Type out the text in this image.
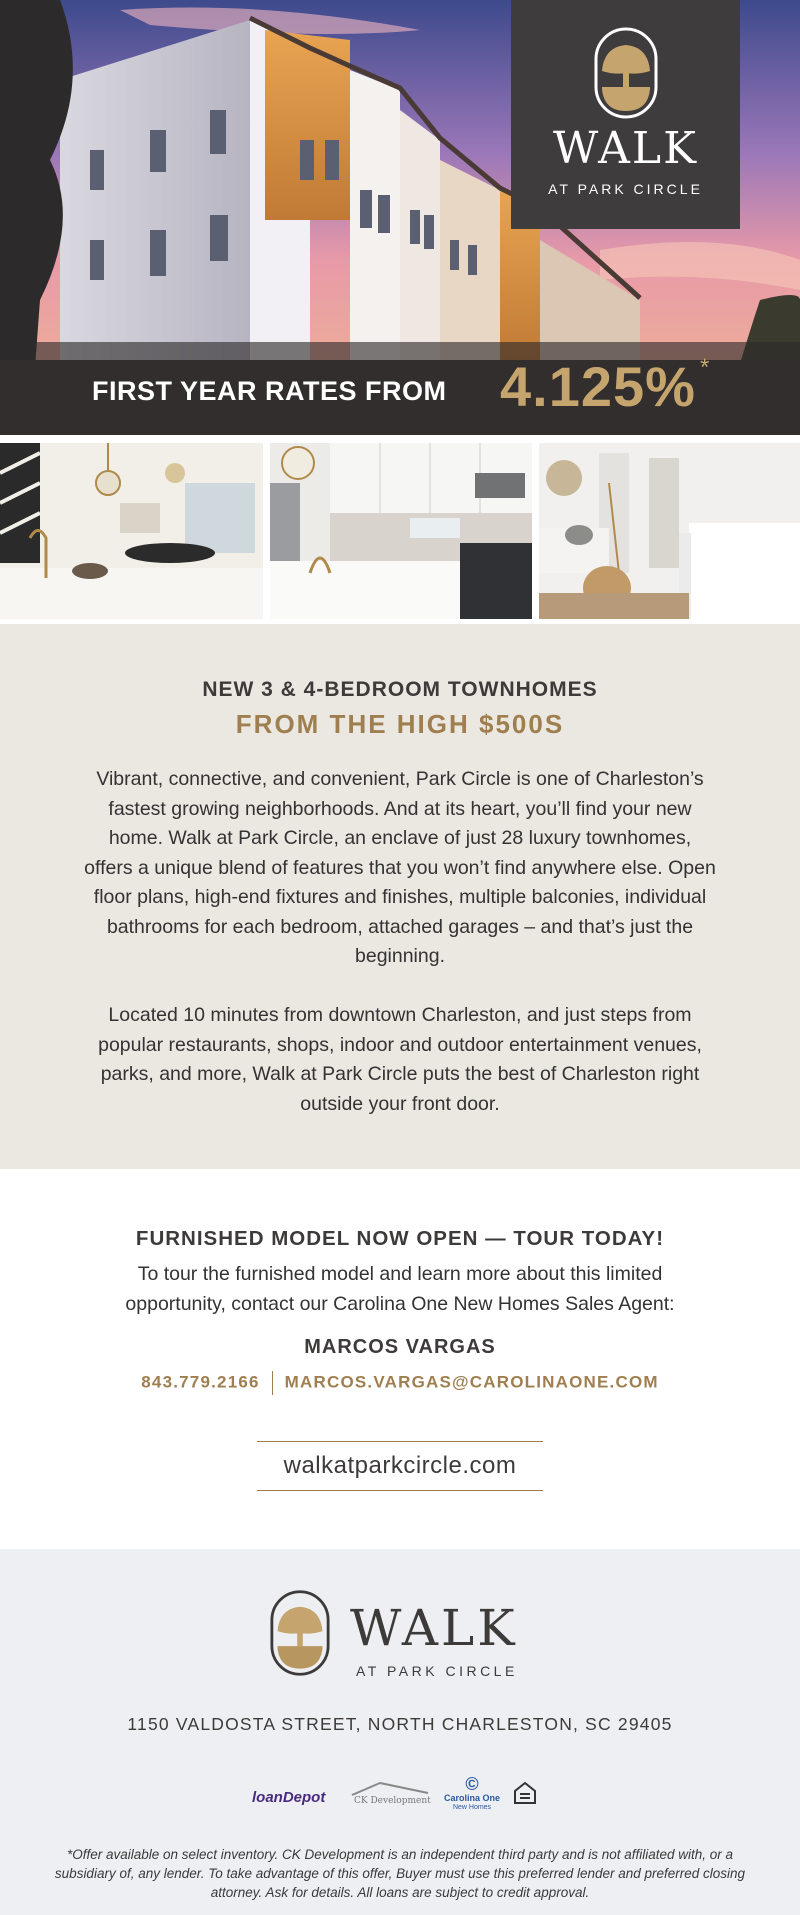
WALK
AT PARK CIRCLE
FIRST YEAR RATES FROM 4.125% *
NEW 3 & 4-BEDROOM TOWNHOMES
FROM THE HIGH $500S

Vibrant, connective, and convenient, Park Circle is one of Charleston’s fastest growing neighborhoods. And at its heart, you’ll find your new home. Walk at Park Circle, an enclave of just 28 luxury townhomes, offers a unique blend of features that you won’t find anywhere else. Open floor plans, high-end fixtures and finishes, multiple balconies, individual bathrooms for each bedroom, attached garages – and that’s just the beginning.

Located 10 minutes from downtown Charleston, and just steps from popular restaurants, shops, indoor and outdoor entertainment venues, parks, and more, Walk at Park Circle puts the best of Charleston right outside your front door.

FURNISHED MODEL NOW OPEN — TOUR TODAY!

To tour the furnished model and learn more about this limited opportunity, contact our Carolina One New Homes Sales Agent:

MARCOS VARGAS
843.779.2166 MARCOS.VARGAS@CAROLINAONE.COM
walkatparkcircle.com
WALK
AT PARK CIRCLE
1150 VALDOSTA STREET, NORTH CHARLESTON, SC 29405
loanDepot	CK Development
©
Carolina One
New Homes

*Offer available on select inventory. CK Development is an independent third party and is not affiliated with, or a subsidiary of, any lender. To take advantage of this offer, Buyer must use this preferred lender and preferred closing attorney. Ask for details. All loans are subject to credit approval.
